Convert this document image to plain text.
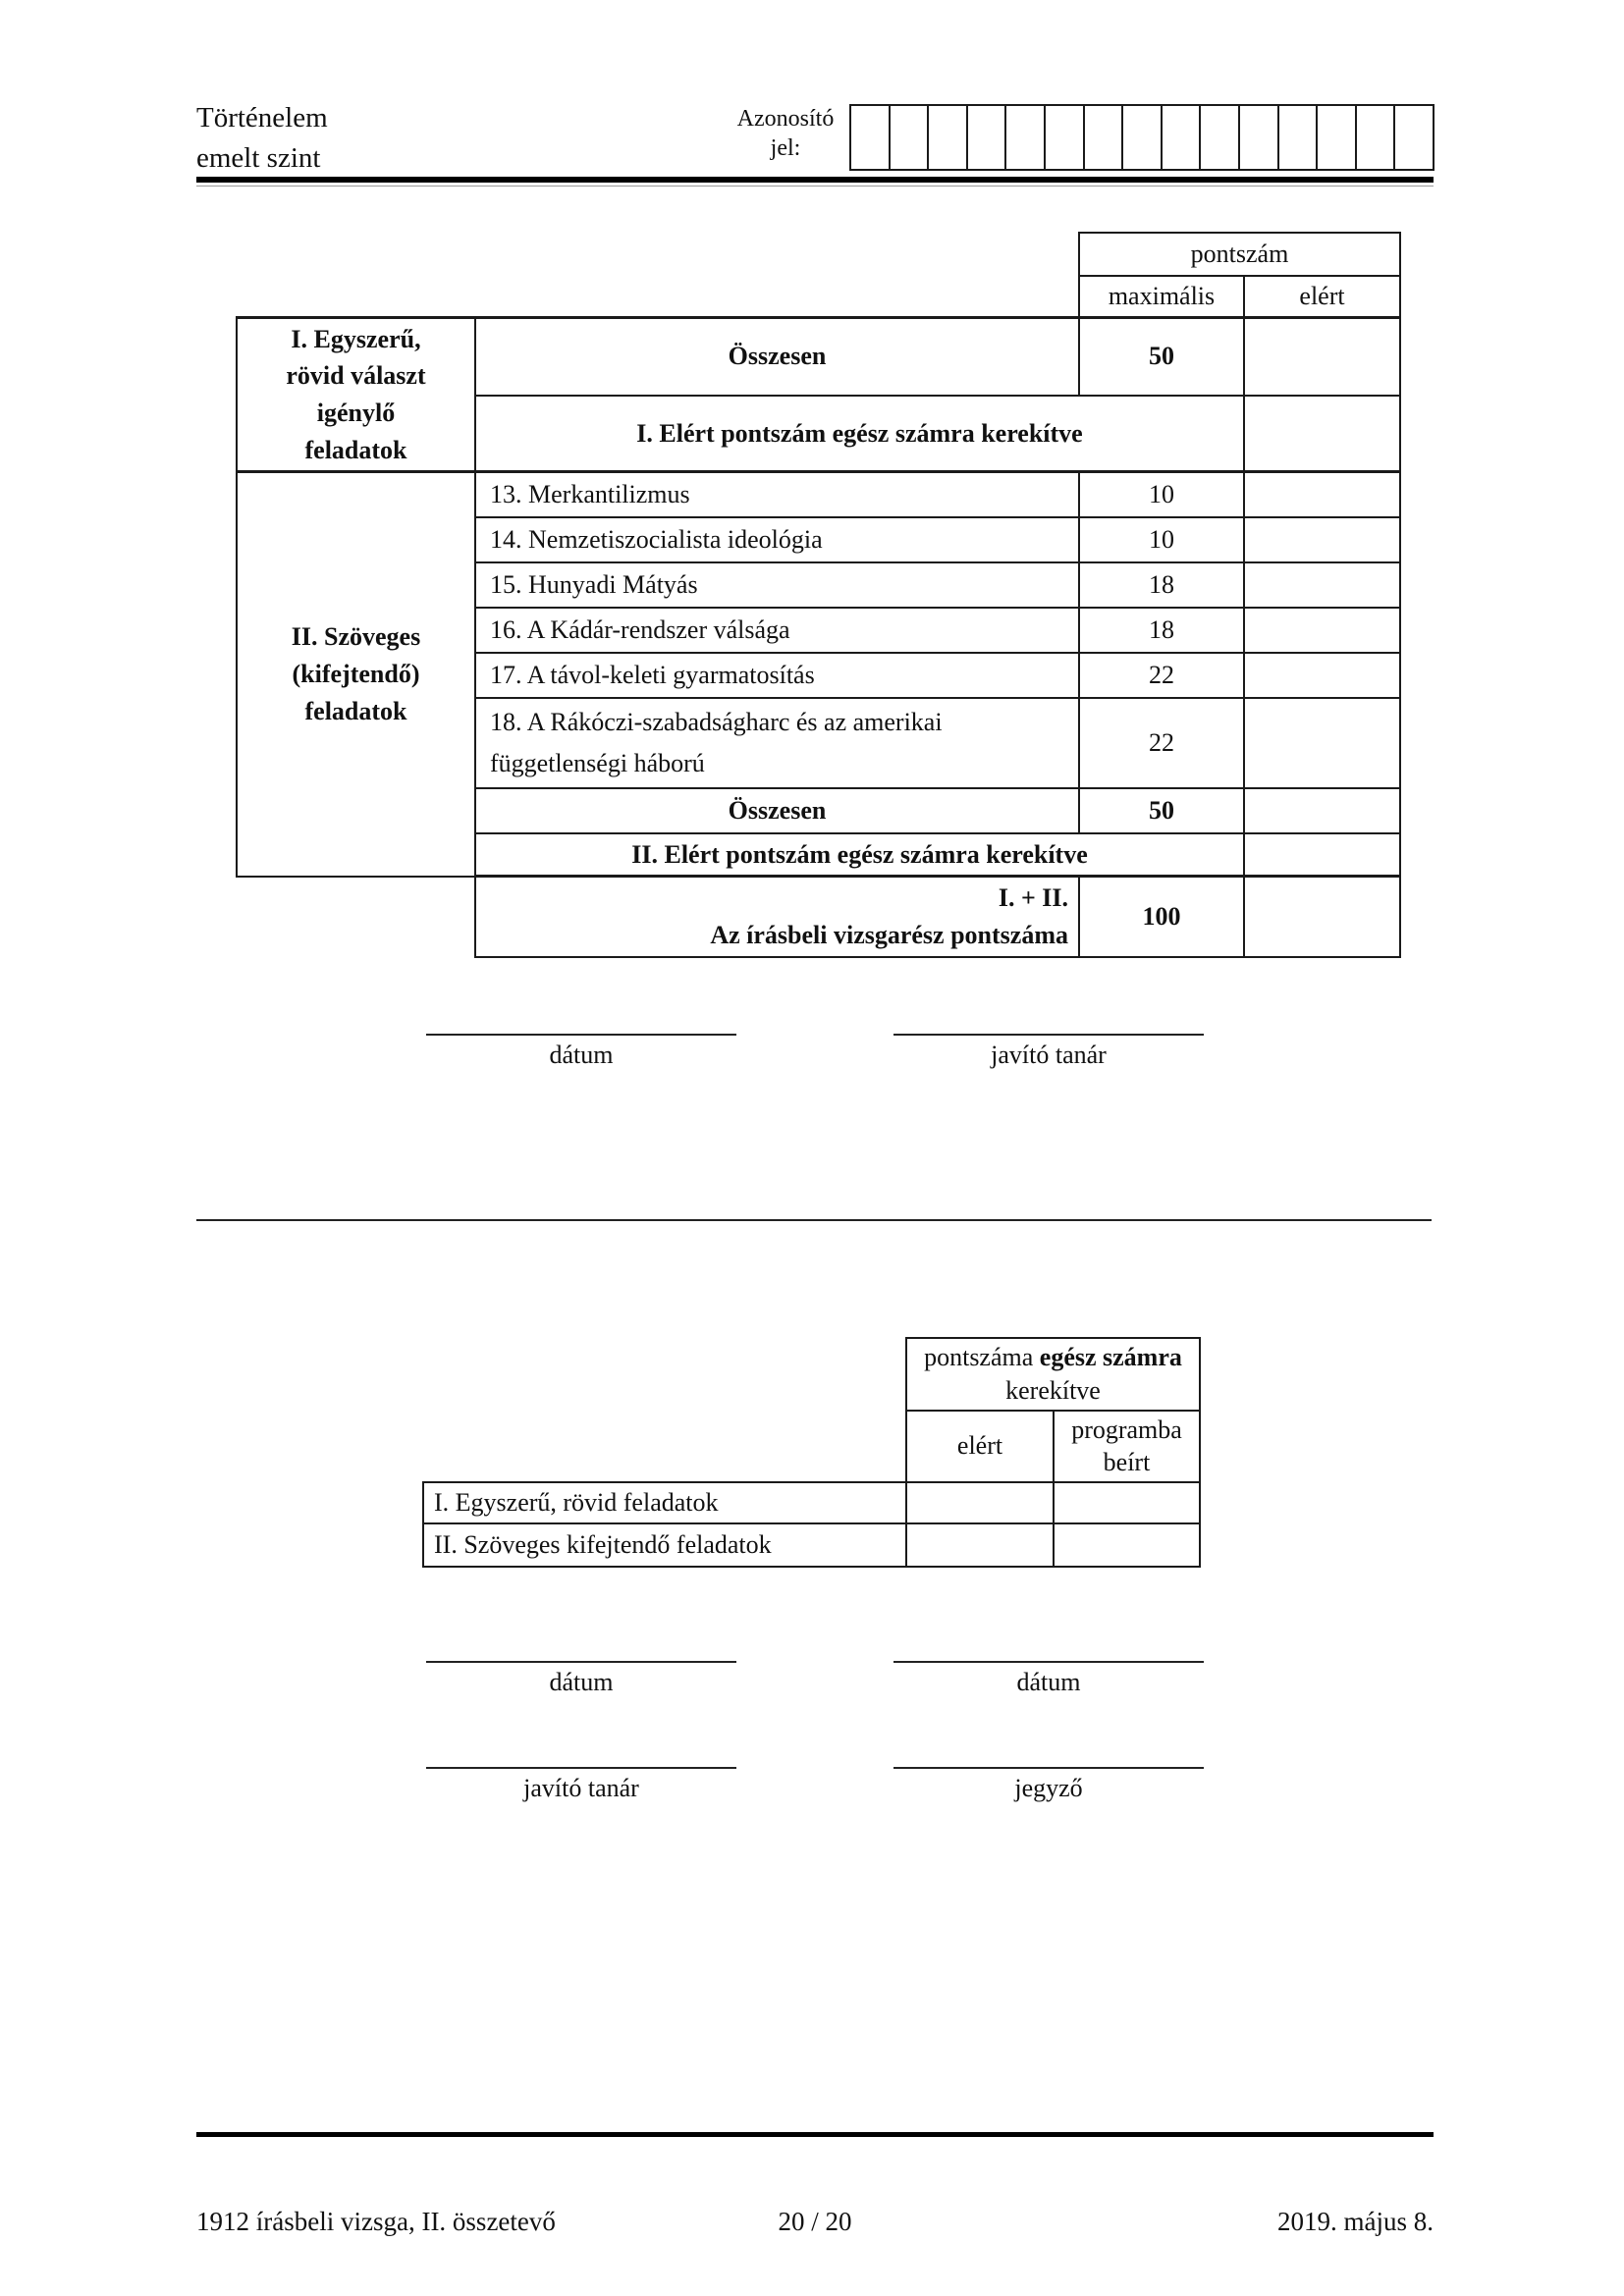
Történelem
emelt szint
Azonosító
jel:
		pontszám	
		maximális	elért

I. Egyszerű, rövid választ igénylő feladatok	Összesen	50	
	I. Elért pontszám egész számra kerekítve		

II. Szöveges (kifejtendő) feladatok	13. Merkantilizmus	10	
	14. Nemzetiszocialista ideológia	10	
	15. Hunyadi Mátyás	18	
	16. A Kádár-rendszer válsága	18	
	17. A távol-keleti gyarmatosítás	22	

	18. A Rákóczi-szabadságharc és az amerikai függetlenségi háború	22	
	Összesen	50	
	II. Elért pontszám egész számra kerekítve		

	I. + II.
Az írásbeli vizsgarész pontszáma	100	
dátum	javító tanár
	pontszáma egész számra kerekítve	
	elért	programba beírt
I. Egyszerű, rövid feladatok		
II. Szöveges kifejtendő feladatok		
dátum	dátum
javító tanár	jegyző
1912 írásbeli vizsga, II. összetevő	20 / 20	2019. május 8.
